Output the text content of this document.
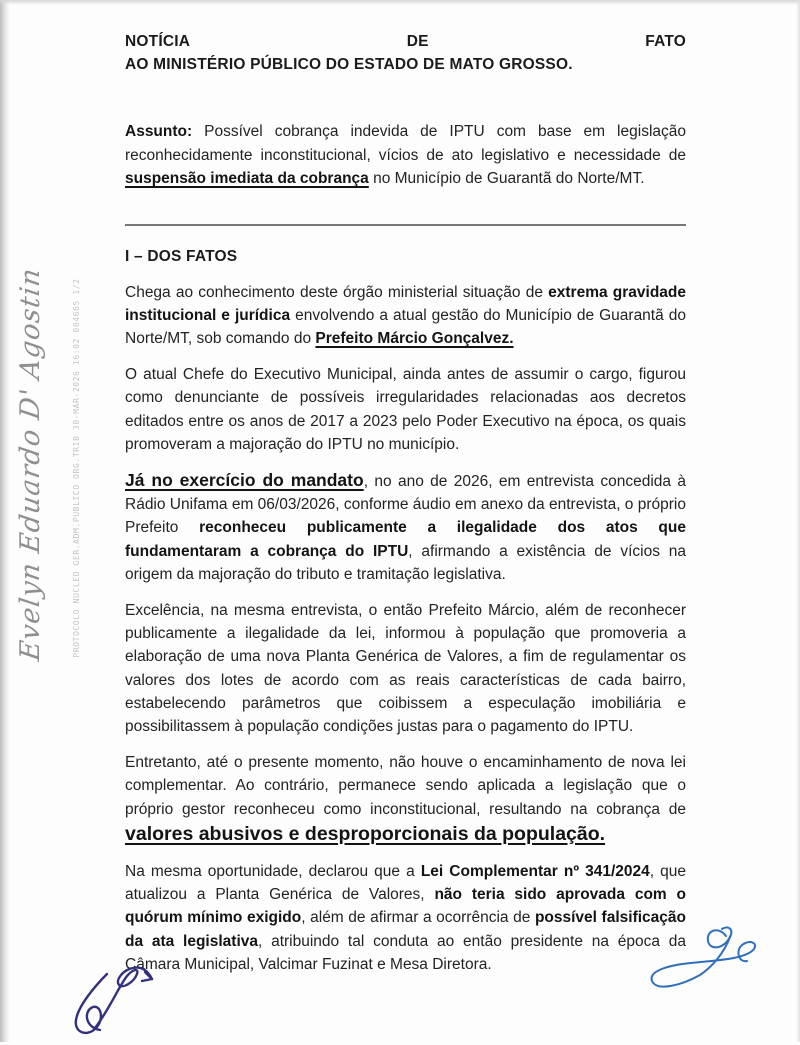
Evelyn Eduardo D' Agostin	PROTOCOLO NUCLEO GER.ADM.PUBLICO ORG.TRIB 30-MAR-2026 16:02 004665 1/2
NOTÍCIA	DE	FATO
AO MINISTÉRIO PÚBLICO DO ESTADO DE MATO GROSSO.

Assunto: Possível cobrança indevida de IPTU com base em legislação reconhecidamente inconstitucional, vícios de ato legislativo e necessidade de suspensão imediata da cobrança no Município de Guarantã do Norte/MT.

I – DOS FATOS

Chega ao conhecimento deste órgão ministerial situação de extrema gravidade institucional e jurídica envolvendo a atual gestão do Município de Guarantã do Norte/MT, sob comando do Prefeito Márcio Gonçalvez.

O atual Chefe do Executivo Municipal, ainda antes de assumir o cargo, figurou como denunciante de possíveis irregularidades relacionadas aos decretos editados entre os anos de 2017 a 2023 pelo Poder Executivo na época, os quais promoveram a majoração do IPTU no município.

Já no exercício do mandato, no ano de 2026, em entrevista concedida à Rádio Unifama em 06/03/2026, conforme áudio em anexo da entrevista, o próprio Prefeito reconheceu publicamente a ilegalidade dos atos que fundamentaram a cobrança do IPTU, afirmando a existência de vícios na origem da majoração do tributo e tramitação legislativa.

Excelência, na mesma entrevista, o então Prefeito Márcio, além de reconhecer publicamente a ilegalidade da lei, informou à população que promoveria a elaboração de uma nova Planta Genérica de Valores, a fim de regulamentar os valores dos lotes de acordo com as reais características de cada bairro, estabelecendo parâmetros que coibissem a especulação imobiliária e possibilitassem à população condições justas para o pagamento do IPTU.

Entretanto, até o presente momento, não houve o encaminhamento de nova lei complementar. Ao contrário, permanece sendo aplicada a legislação que o próprio gestor reconheceu como inconstitucional, resultando na cobrança de valores abusivos e desproporcionais da população.

Na mesma oportunidade, declarou que a Lei Complementar nº 341/2024, que atualizou a Planta Genérica de Valores, não teria sido aprovada com o quórum mínimo exigido, além de afirmar a ocorrência de possível falsificação da ata legislativa, atribuindo tal conduta ao então presidente na época da Câmara Municipal, Valcimar Fuzinat e Mesa Diretora.
